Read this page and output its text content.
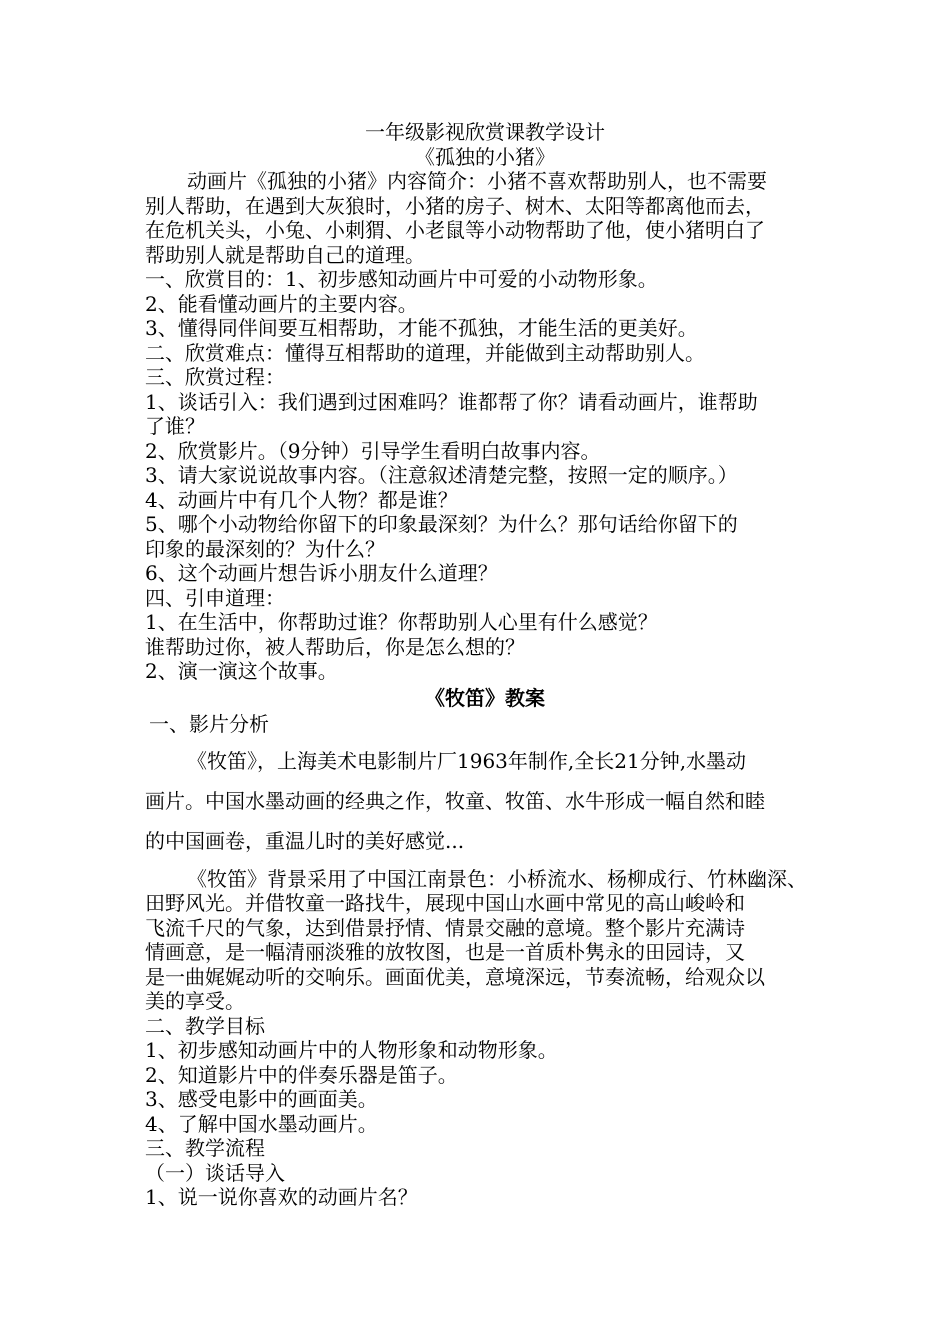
一年级影视欣赏课教学设计
《孤独的小猪》
动画片《孤独的小猪》内容简介：小猪不喜欢帮助别人，也不需要
别人帮助，在遇到大灰狼时，小猪的房子、树木、太阳等都离他而去，
在危机关头，小兔、小刺猬、小老鼠等小动物帮助了他，使小猪明白了
帮助别人就是帮助自己的道理。
一、欣赏目的：1、初步感知动画片中可爱的小动物形象。
2、能看懂动画片的主要内容。
3、懂得同伴间要互相帮助，才能不孤独，才能生活的更美好。
二、欣赏难点：懂得互相帮助的道理，并能做到主动帮助别人。
三、欣赏过程：
1、谈话引入：我们遇到过困难吗？谁都帮了你？请看动画片，谁帮助
了谁？
2、欣赏影片。（9分钟）引导学生看明白故事内容。
3、请大家说说故事内容。（注意叙述清楚完整，按照一定的顺序。）
4、动画片中有几个人物？都是谁？
5、哪个小动物给你留下的印象最深刻？为什么？那句话给你留下的
印象的最深刻的？为什么？
6、这个动画片想告诉小朋友什么道理？
四、引申道理：
1、在生活中，你帮助过谁？你帮助别人心里有什么感觉？
谁帮助过你，被人帮助后，你是怎么想的？
2、演一演这个故事。
《牧笛》教案
一、影片分析
《牧笛》，上海美术电影制片厂1963年制作,全长21分钟,水墨动
画片。中国水墨动画的经典之作，牧童、牧笛、水牛形成一幅自然和睦
的中国画卷，重温儿时的美好感觉...
《牧笛》背景采用了中国江南景色：小桥流水、杨柳成行、竹林幽深、
田野风光。并借牧童一路找牛，展现中国山水画中常见的高山峻岭和
飞流千尺的气象，达到借景抒情、情景交融的意境。整个影片充满诗
情画意，是一幅清丽淡雅的放牧图，也是一首质朴隽永的田园诗，又
是一曲娓娓动听的交响乐。画面优美，意境深远，节奏流畅，给观众以
美的享受。
二、教学目标
1、初步感知动画片中的人物形象和动物形象。
2、知道影片中的伴奏乐器是笛子。
3、感受电影中的画面美。
4、了解中国水墨动画片。
三、教学流程
（一）谈话导入
1、说一说你喜欢的动画片名？
